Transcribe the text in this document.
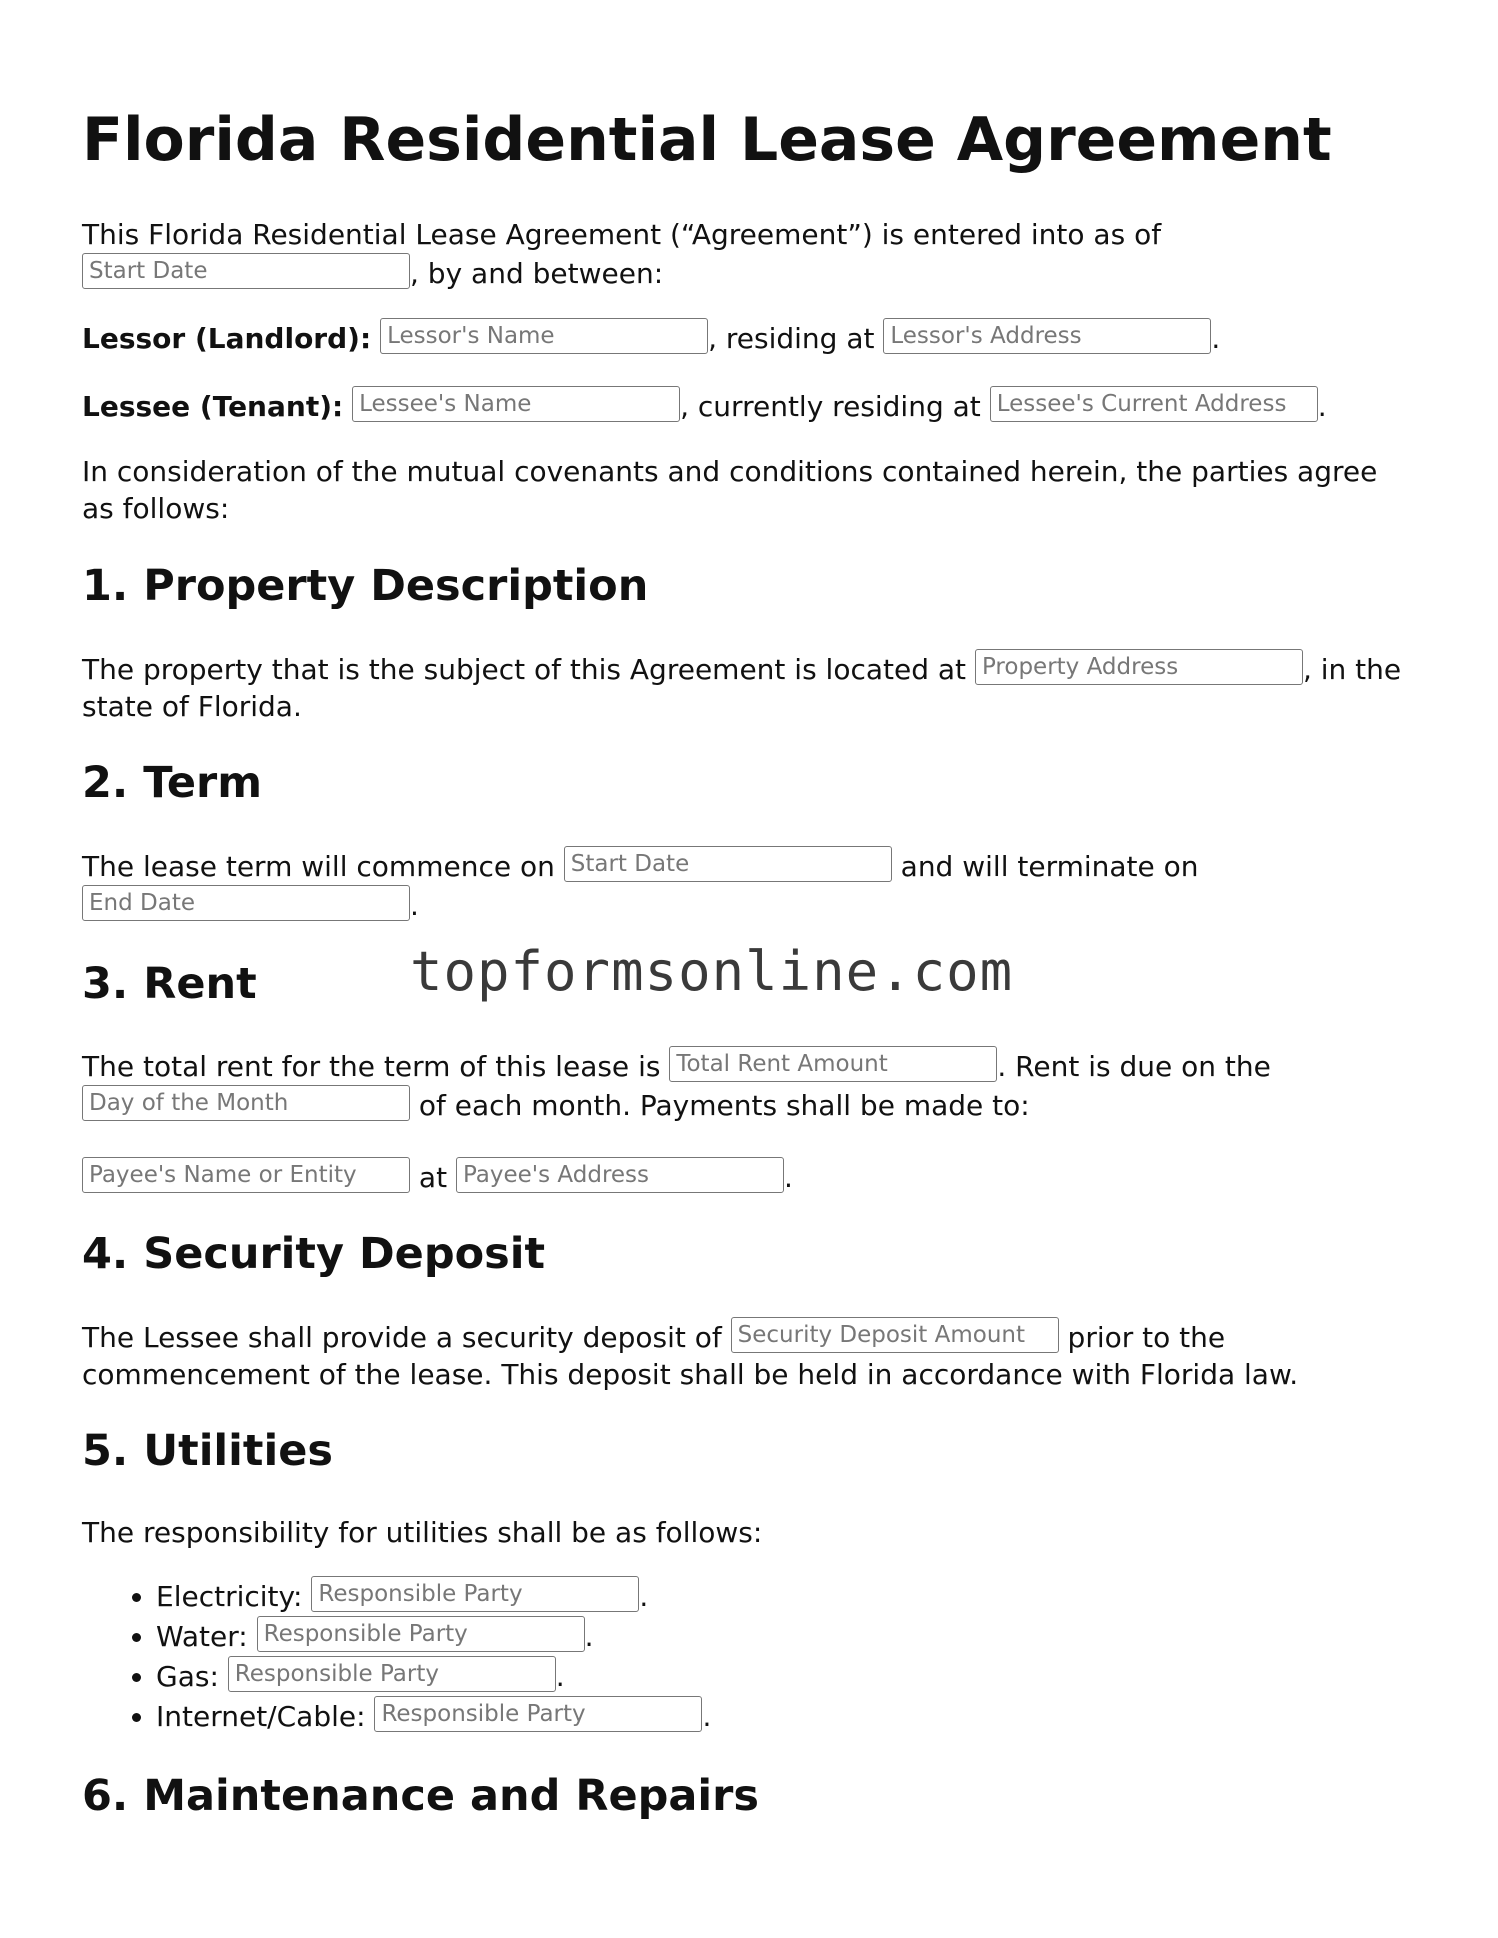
Florida Residential Lease Agreement

This Florida Residential Lease Agreement (“Agreement”) is entered into as of
Start Date	, by and between:

Lessor (Landlord): Lessor's Name	, residing at Lessor's Address	.

Lessee (Tenant): Lessee's Name	, currently residing at Lessee's Current Address .

In consideration of the mutual covenants and conditions contained herein, the parties agree as follows:

1. Property Description

The property that is the subject of this Agreement is located at Property Address	, in the state of Florida.

2. Term

The lease term will commence on Start Date	and will terminate on
End Date	.

3. Rent

The total rent for the term of this lease is Total Rent Amount	. Rent is due on the
Day of the Month	of each month. Payments shall be made to:

Payee's Name or Entity at Payee's Address	.

4. Security Deposit

The Lessee shall provide a security deposit of Security Deposit Amount prior to the commencement of the lease. This deposit shall be held in accordance with Florida law.

5. Utilities

The responsibility for utilities shall be as follows:

• Electricity: Responsible Party	.
• Water: Responsible Party	.
• Gas: Responsible Party	.
• Internet/Cable: Responsible Party	.
6. Maintenance and Repairs
topformsonline.com
